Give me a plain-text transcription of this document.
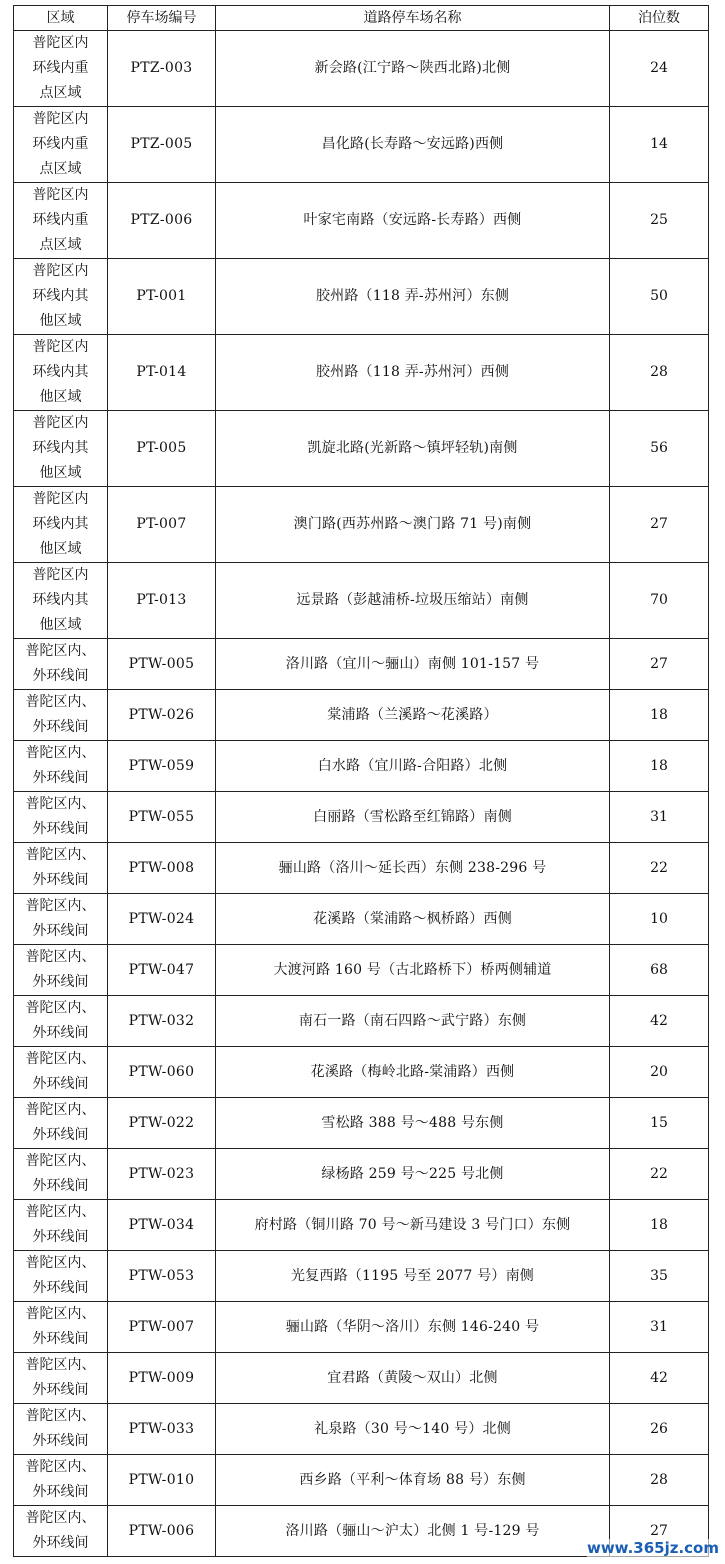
区域	停车场编号	道路停车场名称	泊位数

普陀区内
环线内重
点区域	PTZ-003	新会路(江宁路～陕西北路)北侧	24

普陀区内
环线内重
点区域	PTZ-005	昌化路(长寿路～安远路)西侧	14

普陀区内
环线内重
点区域	PTZ-006	叶家宅南路（安远路-长寿路）西侧	25

普陀区内
环线内其
他区域	PT-001	胶州路（118 弄-苏州河）东侧	50

普陀区内
环线内其
他区域	PT-014	胶州路（118 弄-苏州河）西侧	28

普陀区内
环线内其
他区域	PT-005	凯旋北路(光新路～镇坪轻轨)南侧	56

普陀区内
环线内其
他区域	PT-007	澳门路(西苏州路～澳门路 71 号)南侧	27

普陀区内
环线内其
他区域	PT-013	远景路（彭越浦桥-垃圾压缩站）南侧	70

普陀区内、
外环线间	PTW-005	洛川路（宜川～骊山）南侧 101-157 号	27

普陀区内、
外环线间	PTW-026	棠浦路（兰溪路～花溪路）	18

普陀区内、
外环线间	PTW-059	白水路（宜川路-合阳路）北侧	18

普陀区内、
外环线间	PTW-055	白丽路（雪松路至红锦路）南侧	31

普陀区内、
外环线间	PTW-008	骊山路（洛川～延长西）东侧 238-296 号	22

普陀区内、
外环线间	PTW-024	花溪路（棠浦路～枫桥路）西侧	10

普陀区内、
外环线间	PTW-047	大渡河路 160 号（古北路桥下）桥两侧辅道	68

普陀区内、
外环线间	PTW-032	南石一路（南石四路～武宁路）东侧	42

普陀区内、
外环线间	PTW-060	花溪路（梅岭北路-棠浦路）西侧	20

普陀区内、
外环线间	PTW-022	雪松路 388 号～488 号东侧	15

普陀区内、
外环线间	PTW-023	绿杨路 259 号～225 号北侧	22

普陀区内、
外环线间	PTW-034	府村路（铜川路 70 号～新马建设 3 号门口）东侧	18

普陀区内、
外环线间	PTW-053	光复西路（1195 号至 2077 号）南侧	35

普陀区内、
外环线间	PTW-007	骊山路（华阴～洛川）东侧 146-240 号	31

普陀区内、
外环线间	PTW-009	宜君路（黄陵～双山）北侧	42

普陀区内、
外环线间	PTW-033	礼泉路（30 号～140 号）北侧	26

普陀区内、
外环线间	PTW-010	西乡路（平利～体育场 88 号）东侧	28

普陀区内、
外环线间	PTW-006	洛川路（骊山～沪太）北侧 1 号-129 号	27
www.365jz.com
